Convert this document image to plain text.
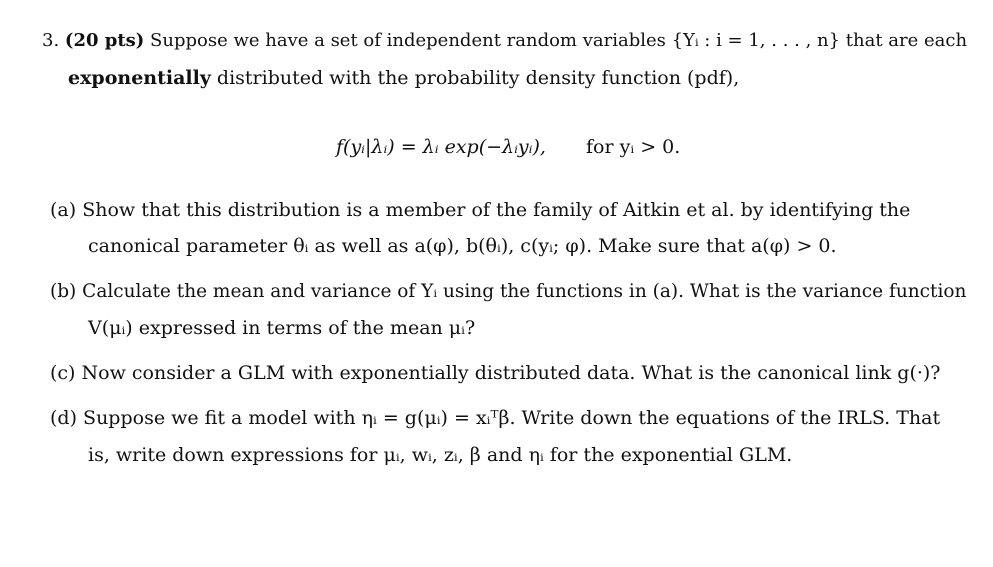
3. (20 pts) Suppose we have a set of independent random variables {Yᵢ : i = 1, . . . , n} that are each
exponentially distributed with the probability density function (pdf),
f(yᵢ|λᵢ) = λᵢ exp(−λᵢyᵢ), for yᵢ > 0.
(a) Show that this distribution is a member of the family of Aitkin et al. by identifying the
canonical parameter θᵢ as well as a(φ), b(θᵢ), c(yᵢ; φ). Make sure that a(φ) > 0.
(b) Calculate the mean and variance of Yᵢ using the functions in (a). What is the variance function
V(μᵢ) expressed in terms of the mean μᵢ?
(c) Now consider a GLM with exponentially distributed data. What is the canonical link g(·)?
(d) Suppose we fit a model with ηᵢ = g(μᵢ) = xᵢᵀβ. Write down the equations of the IRLS. That
is, write down expressions for μᵢ, wᵢ, zᵢ, β and ηᵢ for the exponential GLM.
